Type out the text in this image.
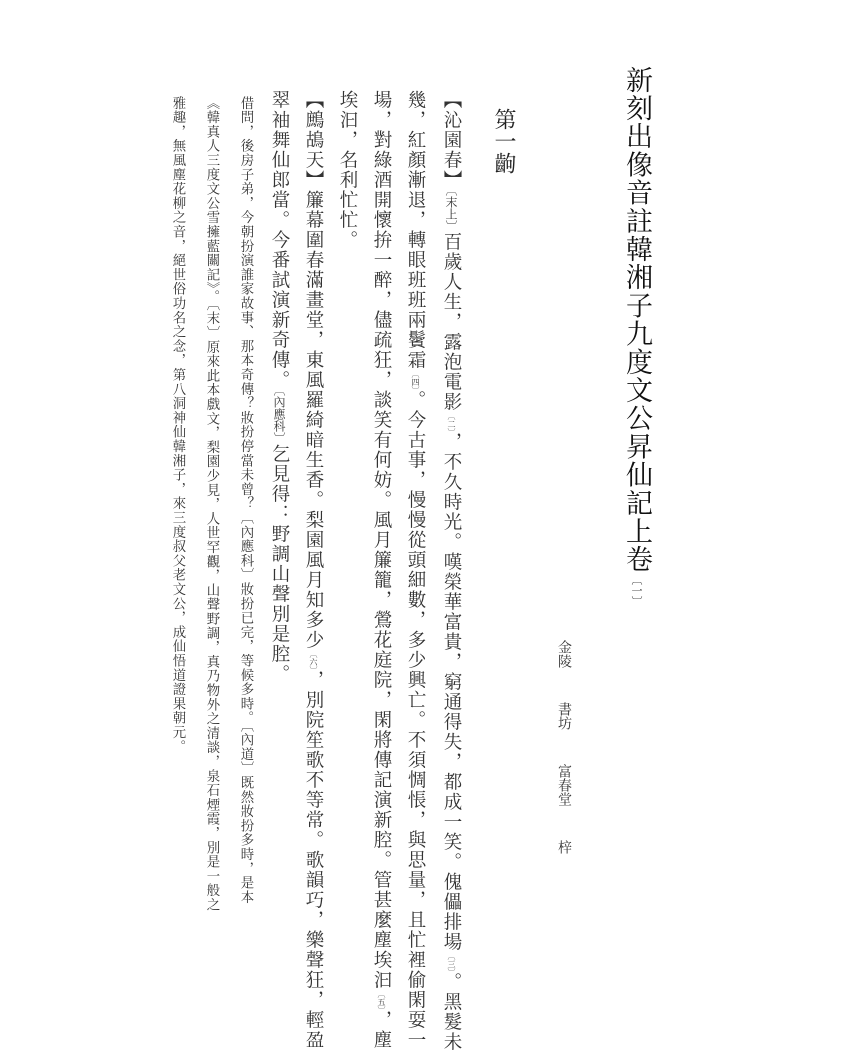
新刻出像音註韓湘子九度文公昇仙記上卷〔一〕
金陵 書坊 富春堂 梓
第一齣
【沁園春】〔末上〕百歲人生，露泡電影〔二〕，不久時光。嘆榮華富貴，窮通得失，都成一笑。傀儡排場〔三〕。黑髮未
幾，紅顏漸退，轉眼班班兩鬢霜〔四〕。今古事，慢慢從頭細數，多少興亡。不須惆悵，與思量，且忙裡偷閑耍一
場，對綠酒開懷拚一醉，儘疏狂，談笑有何妨。風月簾籠，鶯花庭院，閑將傳記演新腔。管甚麼塵埃汩〔五〕，塵
埃汩，名利忙忙。
【鷓鴣天】簾幕圍春滿畫堂，東風羅綺暗生香。梨園風月知多少〔六〕，別院笙歌不等常。歌韻巧，樂聲狂，輕盈
翠袖舞仙郎當。今番試演新奇傳。〔內應科〕乞見得：野調山聲別是腔。
借問，後房子弟，今朝扮演誰家故事、那本奇傳？妝扮停當未曾？〔內應科〕妝扮已完，等候多時。〔內道〕既然妝扮多時，是本
《韓真人三度文公雪擁藍關記》。〔末〕原來此本戲文，梨園少見，人世罕觀，山聲野調，真乃物外之清談，泉石煙霞，別是一般之
雅趣，無風塵花柳之音，絕世俗功名之念，第八洞神仙韓湘子，來三度叔父老文公，成仙悟道證果朝元。
